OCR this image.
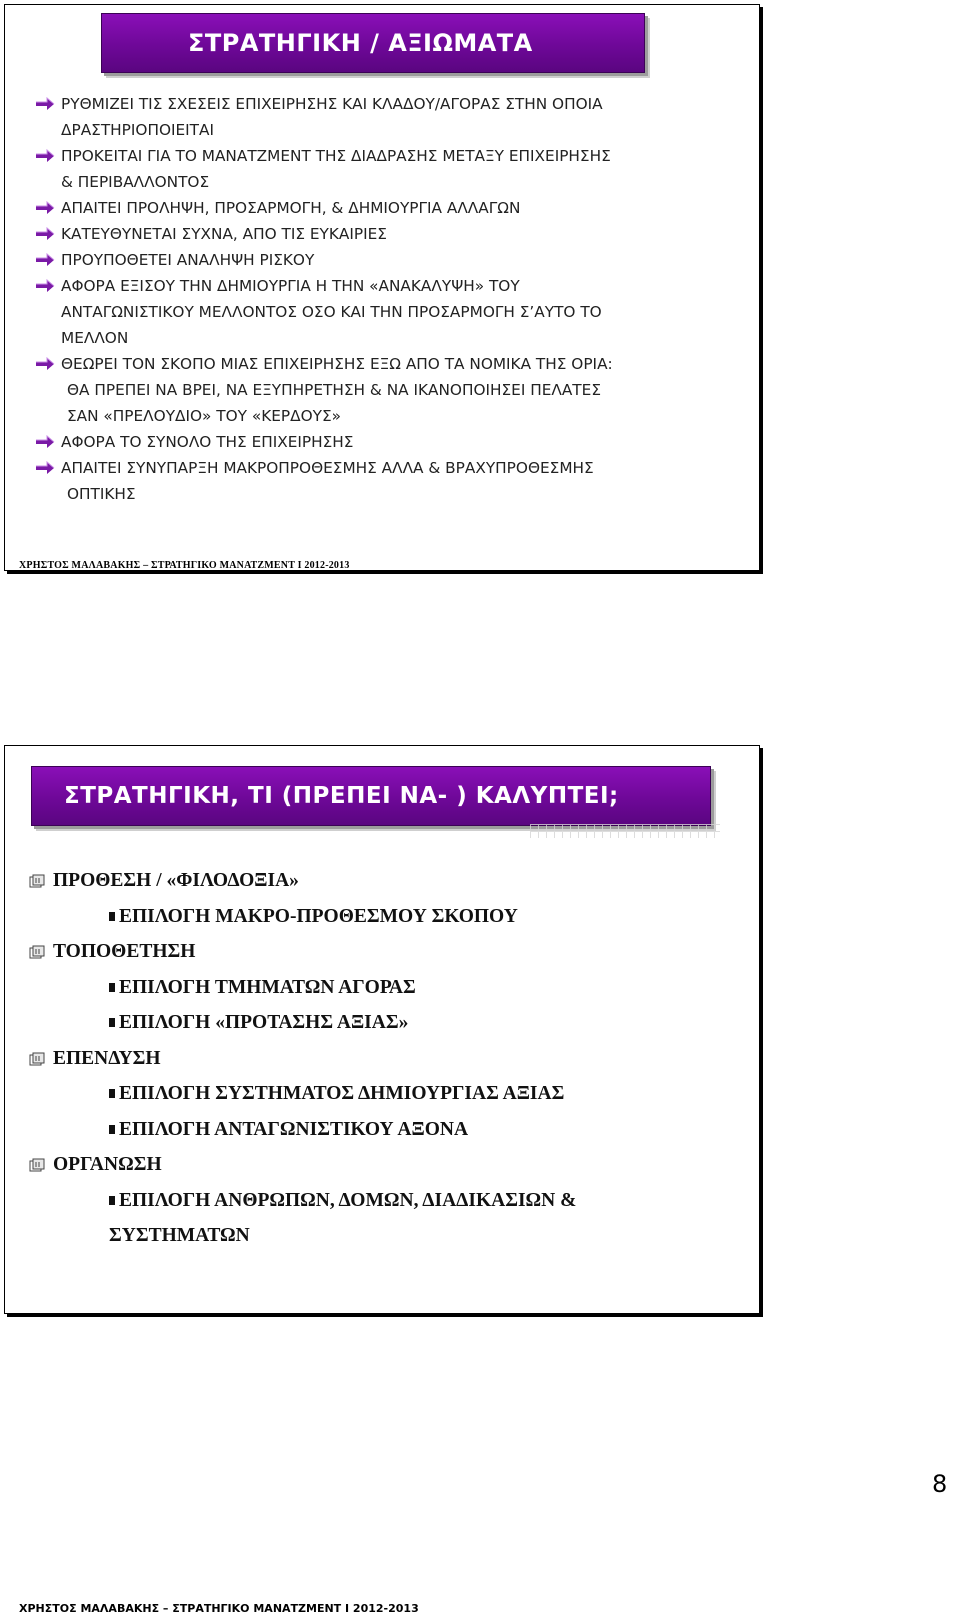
ΣΤΡΑΤΗΓΙΚΗ / ΑΞΙΩΜΑΤΑ
ΡΥΘΜΙΖΕΙ ΤΙΣ ΣΧΕΣΕΙΣ ΕΠΙΧΕΙΡΗΣΗΣ ΚΑΙ ΚΛΑΔΟΥ/ΑΓΟΡΑΣ ΣΤΗΝ ΟΠΟΙΑ
ΔΡΑΣΤΗΡΙΟΠΟΙΕΙΤΑΙ
ΠΡΟΚΕΙΤΑΙ ΓΙΑ ΤΟ ΜΑΝΑΤΖΜΕΝΤ ΤΗΣ ΔΙΑΔΡΑΣΗΣ ΜΕΤΑΞΥ ΕΠΙΧΕΙΡΗΣΗΣ
& ΠΕΡΙΒΑΛΛΟΝΤΟΣ
ΑΠΑΙΤΕΙ ΠΡΟΛΗΨΗ, ΠΡΟΣΑΡΜΟΓΗ, & ΔΗΜΙΟΥΡΓΙΑ ΑΛΛΑΓΩΝ
ΚΑΤΕΥΘΥΝΕΤΑΙ ΣΥΧΝΑ, ΑΠΟ ΤΙΣ ΕΥΚΑΙΡΙΕΣ
ΠΡΟΥΠΟΘΕΤΕΙ ΑΝΑΛΗΨΗ ΡΙΣΚΟΥ
ΑΦΟΡΑ ΕΞΙΣΟΥ ΤΗΝ ΔΗΜΙΟΥΡΓΙΑ Η ΤΗΝ «ΑΝΑΚΑΛΥΨΗ» ΤΟΥ
ΑΝΤΑΓΩΝΙΣΤΙΚΟΥ ΜΕΛΛΟΝΤΟΣ ΟΣΟ ΚΑΙ ΤΗΝ ΠΡΟΣΑΡΜΟΓΗ Σ’ΑΥΤΟ ΤΟ
ΜΕΛΛΟΝ
ΘΕΩΡΕΙ ΤΟΝ ΣΚΟΠΟ ΜΙΑΣ ΕΠΙΧΕΙΡΗΣΗΣ ΕΞΩ ΑΠΟ ΤΑ ΝΟΜΙΚΑ ΤΗΣ ΟΡΙΑ:
ΘΑ ΠΡΕΠΕΙ ΝΑ ΒΡΕΙ, ΝΑ ΕΞΥΠΗΡΕΤΗΣΗ & ΝΑ ΙΚΑΝΟΠΟΙΗΣΕΙ ΠΕΛΑΤΕΣ
ΣΑΝ «ΠΡΕΛΟΥΔΙΟ» ΤΟΥ «ΚΕΡΔΟΥΣ»
ΑΦΟΡΑ ΤΟ ΣΥΝΟΛΟ ΤΗΣ ΕΠΙΧΕΙΡΗΣΗΣ
ΑΠΑΙΤΕΙ ΣΥΝΥΠΑΡΞΗ ΜΑΚΡΟΠΡΟΘΕΣΜΗΣ ΑΛΛΑ & ΒΡΑΧΥΠΡΟΘΕΣΜΗΣ
ΟΠΤΙΚΗΣ
ΧΡΗΣΤΟΣ ΜΑΛΑΒΑΚΗΣ – ΣΤΡΑΤΗΓΙΚΟ ΜΑΝΑΤΖΜΕΝΤ Ι 2012-2013
ΣΤΡΑΤΗΓΙΚΗ, ΤΙ (ΠΡΕΠΕΙ ΝΑ- ) ΚΑΛΥΠΤΕΙ;
ΠΡΟΘΕΣΗ / «ΦΙΛΟΔΟΞΙΑ»
ΕΠΙΛΟΓΗ ΜΑΚΡΟ-ΠΡΟΘΕΣΜΟΥ ΣΚΟΠΟΥ
ΤΟΠΟΘΕΤΗΣΗ
ΕΠΙΛΟΓΗ ΤΜΗΜΑΤΩΝ ΑΓΟΡΑΣ
ΕΠΙΛΟΓΗ «ΠΡΟΤΑΣΗΣ ΑΞΙΑΣ»
ΕΠΕΝΔΥΣΗ
ΕΠΙΛΟΓΗ ΣΥΣΤΗΜΑΤΟΣ ΔΗΜΙΟΥΡΓΙΑΣ ΑΞΙΑΣ
ΕΠΙΛΟΓΗ ΑΝΤΑΓΩΝΙΣΤΙΚΟΥ ΑΞΟΝΑ
ΟΡΓΑΝΩΣΗ
ΕΠΙΛΟΓΗ ΑΝΘΡΩΠΩΝ, ΔΟΜΩΝ, ΔΙΑΔΙΚΑΣΙΩΝ &
ΣΥΣΤΗΜΑΤΩΝ
ΧΡΗΣΤΟΣ ΜΑΛΑΒΑΚΗΣ – ΣΤΡΑΤΗΓΙΚΟ ΜΑΝΑΤΖΜΕΝΤ Ι 2012-2013
8
